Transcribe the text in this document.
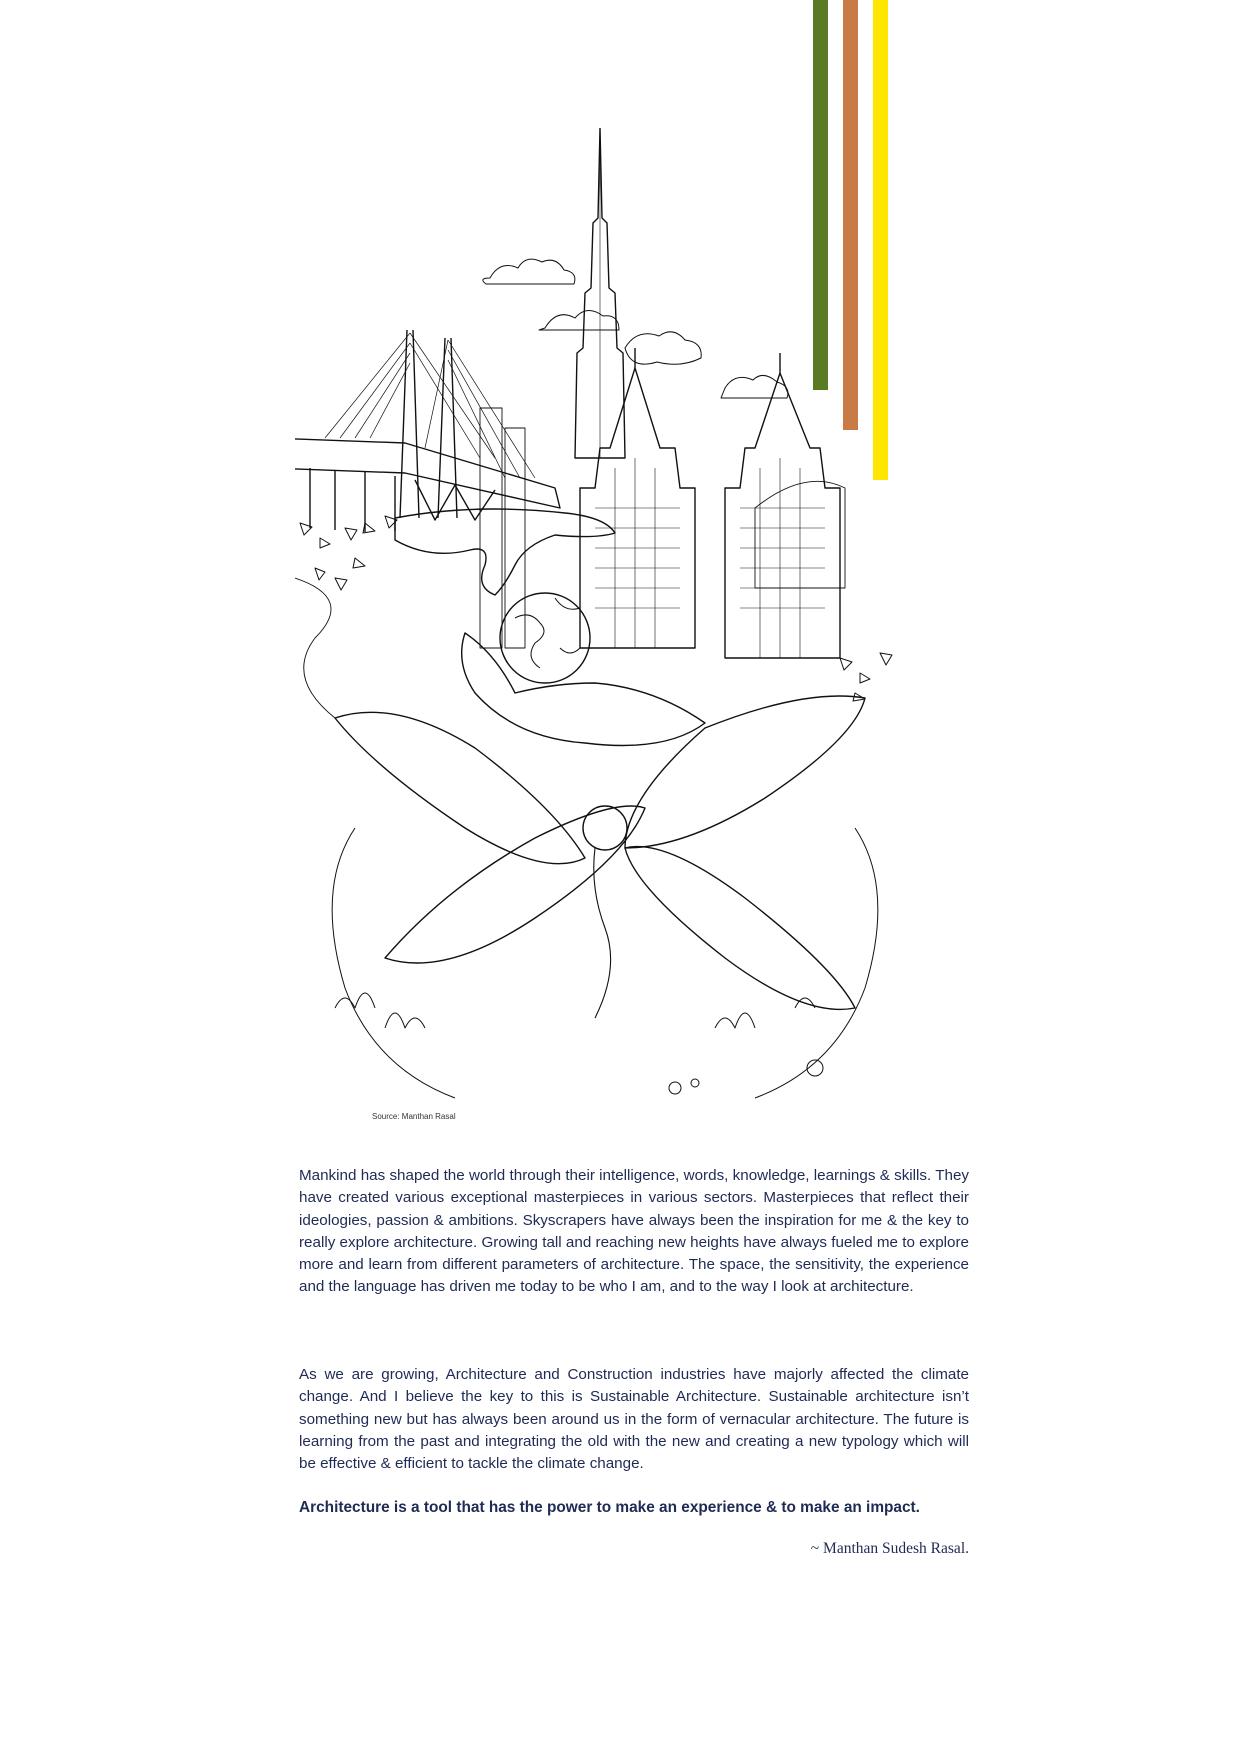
Source: Manthan Rasal

Mankind has shaped the world through their intelligence, words, knowledge, learnings & skills. They have created various exceptional masterpieces in various sectors. Masterpieces that reflect their ideologies, passion & ambitions. Skyscrapers have always been the inspiration for me & the key to really explore architecture. Growing tall and reaching new heights have always fueled me to explore more and learn from different parameters of architecture. The space, the sensitivity, the experience and the language has driven me today to be who I am, and to the way I look at architecture.

As we are growing, Architecture and Construction industries have majorly affected the climate change. And I believe the key to this is Sustainable Architecture. Sustainable architecture isn’t something new but has always been around us in the form of vernacular architecture. The future is learning from the past and integrating the old with the new and creating a new typology which will be effective & efficient to tackle the climate change.

Architecture is a tool that has the power to make an experience & to make an impact.
~ Manthan Sudesh Rasal.
